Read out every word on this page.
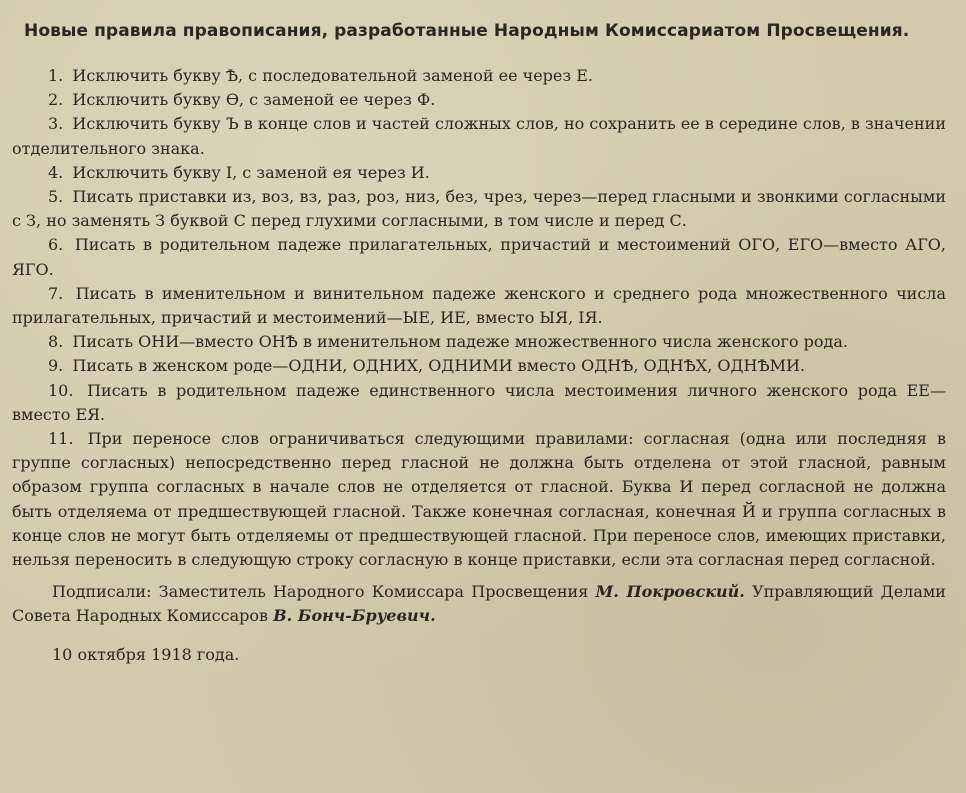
Новые правила правописания, разработанные Народным Комиссариатом Просвещения.

1. Исключить букву Ѣ, с последовательной заменой ее через Е.

2. Исключить букву Ѳ, с заменой ее через Ф.

3. Исключить букву Ъ в конце слов и частей сложных слов, но сохранить ее в середине слов, в значении отделительного знака.

4. Исключить букву І, с заменой ея через И.

5. Писать приставки из, воз, вз, раз, роз, низ, без, чрез, через—перед гласными и звонкими согласными с З, но заменять З буквой С перед глухими согласными, в том числе и перед С.

6. Писать в родительном падеже прилагательных, причастий и местоимений ОГО, ЕГО—вместо АГО, ЯГО.

7. Писать в именительном и винительном падеже женского и среднего рода множественного числа прилагательных, причастий и местоимений—ЫЕ, ИЕ, вместо ЫЯ, ІЯ.

8. Писать ОНИ—вместо ОНѢ в именительном падеже множественного числа женского рода.

9. Писать в женском роде—ОДНИ, ОДНИХ, ОДНИМИ вместо ОДНѢ, ОДНѢХ, ОДНѢМИ.

10. Писать в родительном падеже единственного числа местоимения личного женского рода ЕЕ—вместо ЕЯ.

11. При переносе слов ограничиваться следующими правилами: согласная (одна или последняя в группе согласных) непосредственно перед гласной не должна быть отделена от этой гласной, равным образом группа согласных в начале слов не отделяется от гласной. Буква И перед согласной не должна быть отделяема от предшествующей гласной. Также конечная согласная, конечная Й и группа согласных в конце слов не могут быть отделяемы от предшествующей гласной. При переносе слов, имеющих приставки, нельзя переносить в следующую строку согласную в конце приставки, если эта согласная перед согласной.

Подписали: Заместитель Народного Комиссара Просвещения М. Покровский. Управляющий Делами Совета Народных Комиссаров В. Бонч-Бруевич.

10 октября 1918 года.
